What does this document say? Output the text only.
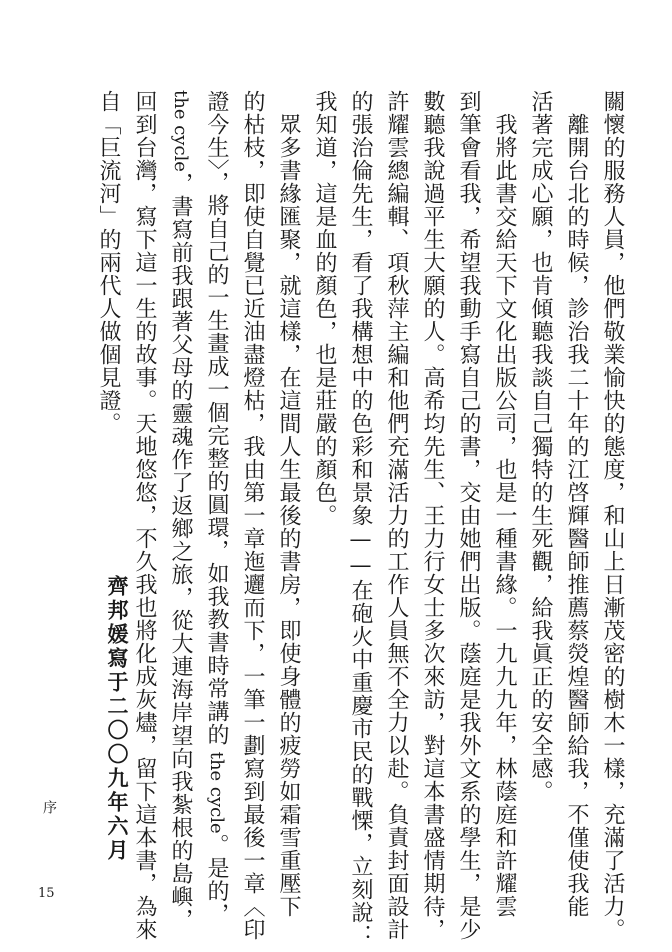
關懷的服務人員，他們敬業愉快的態度，和山上日漸茂密的樹木一樣，充滿了活力。
　離開台北的時候，診治我二十年的江啓輝醫師推薦蔡熒煌醫師給我，不僅使我能
活著完成心願，也肯傾聽我談自己獨特的生死觀，給我眞正的安全感。
　我將此書交給天下文化出版公司，也是一種書緣。一九九九年，林蔭庭和許耀雲
到筆會看我，希望我動手寫自己的書，交由她們出版。蔭庭是我外文系的學生，是少
數聽我說過平生大願的人。高希均先生、王力行女士多次來訪，對這本書盛情期待，
許耀雲總編輯、項秋萍主編和他們充滿活力的工作人員無不全力以赴。負責封面設計
的張治倫先生，看了我構想中的色彩和景象——在砲火中重慶市民的戰慄，立刻說：
我知道，這是血的顏色，也是莊嚴的顏色。
　眾多書緣匯聚，就這樣，在這間人生最後的書房，即使身體的疲勞如霜雪重壓下
的枯枝，即使自覺已近油盡燈枯，我由第一章迤邐而下，一筆一劃寫到最後一章〈印
證今生〉，將自己的一生畫成一個完整的圓環，如我教書時常講的 the cycle。是的，
the cycle，書寫前我跟著父母的靈魂作了返鄉之旅，從大連海岸望向我紮根的島嶼，
回到台灣，寫下這一生的故事。天地悠悠，不久我也將化成灰燼，留下這本書，為來
自「巨流河」的兩代人做個見證。
齊邦媛寫于二〇〇九年六月
序
15
